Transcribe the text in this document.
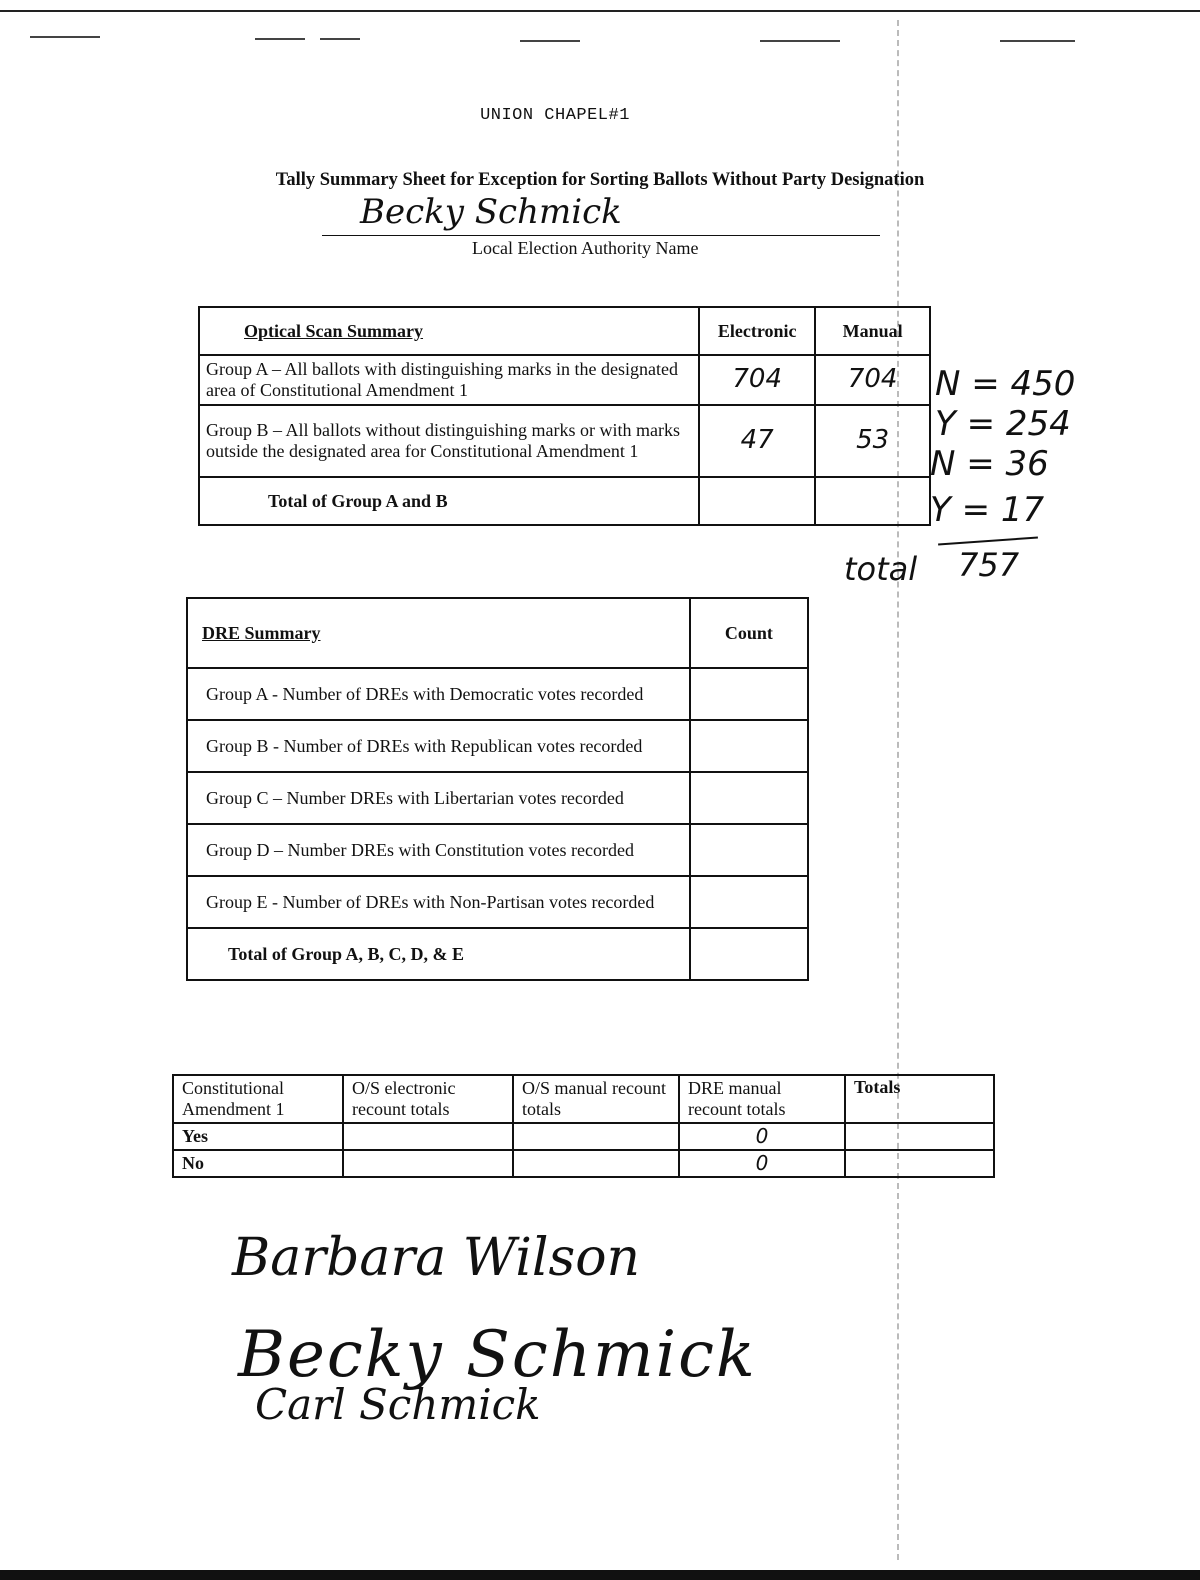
UNION CHAPEL#1
Tally Summary Sheet for Exception for Sorting Ballots Without Party Designation
Becky Schmick
Local Election Authority Name
Optical Scan Summary	Electronic	Manual
Group A – All ballots with distinguishing marks in the designated area of Constitutional Amendment 1	704	704
Group B – All ballots without distinguishing marks or with marks outside the designated area for Constitutional Amendment 1	47	53
Total of Group A and B		
N = 450
Y = 254
N = 36
Y = 17
total 757
DRE Summary	Count
Group A - Number of DREs with Democratic votes recorded	
Group B - Number of DREs with Republican votes recorded	
Group C – Number DREs with Libertarian votes recorded	
Group D – Number DREs with Constitution votes recorded	
Group E - Number of DREs with Non-Partisan votes recorded	
Total of Group A, B, C, D, & E	
Constitutional Amendment 1	O/S electronic recount totals	O/S manual recount totals	DRE manual recount totals	Totals
Yes			0	
No			0	
Barbara Wilson
Becky Schmick
Carl Schmick
